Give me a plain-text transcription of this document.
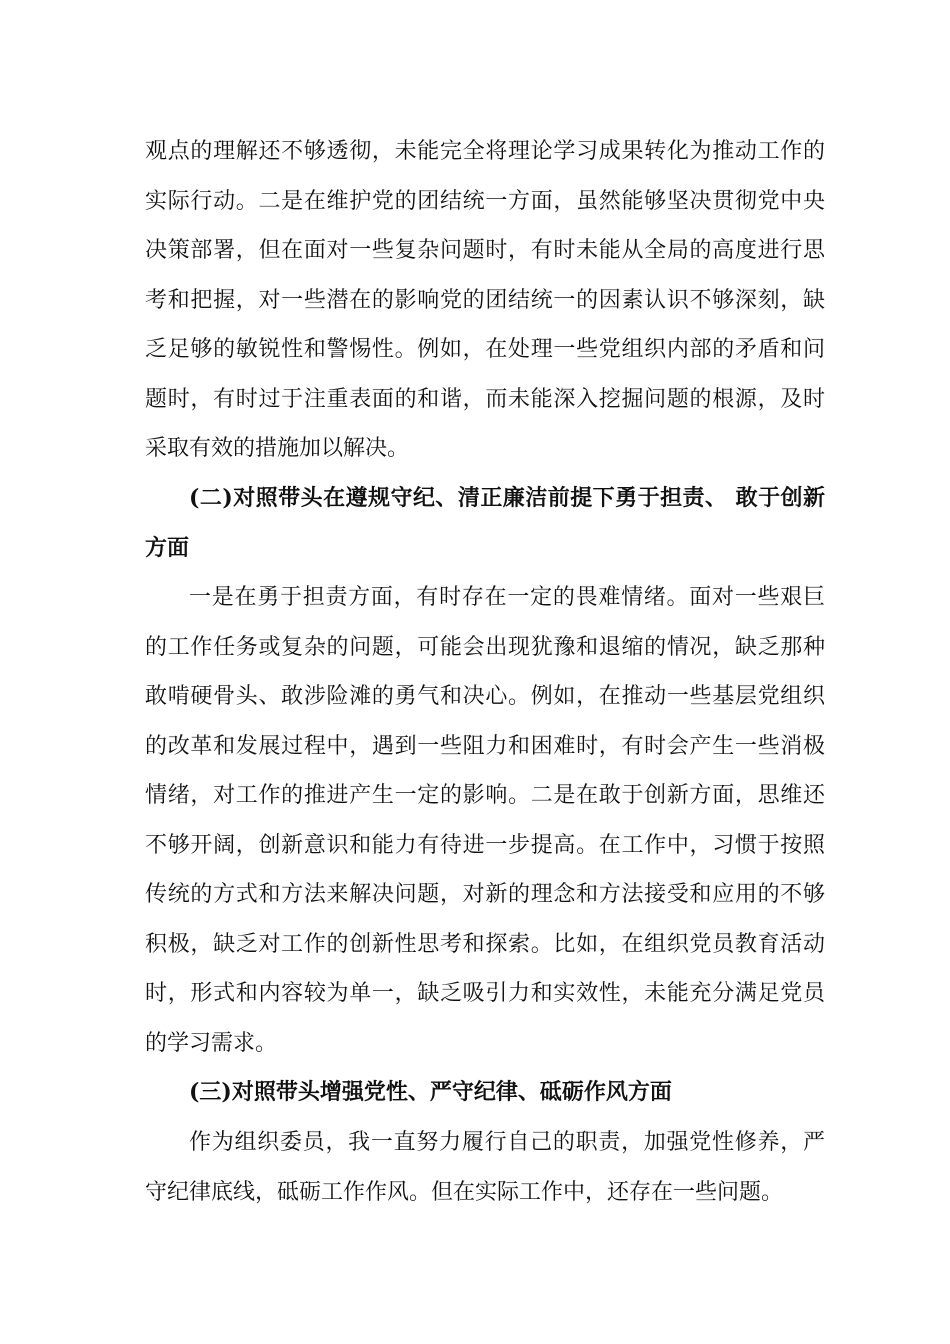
观点的理解还不够透彻，未能完全将理论学习成果转化为推动工作的实际行动。二是在维护党的团结统一方面，虽然能够坚决贯彻党中央决策部署，但在面对一些复杂问题时，有时未能从全局的高度进行思考和把握，对一些潜在的影响党的团结统一的因素认识不够深刻，缺乏足够的敏锐性和警惕性。例如，在处理一些党组织内部的矛盾和问题时，有时过于注重表面的和谐，而未能深入挖掘问题的根源，及时采取有效的措施加以解决。

(二)对照带头在遵规守纪、清正廉洁前提下勇于担责、 敢于创新方面

一是在勇于担责方面，有时存在一定的畏难情绪。面对一些艰巨的工作任务或复杂的问题，可能会出现犹豫和退缩的情况，缺乏那种敢啃硬骨头、敢涉险滩的勇气和决心。例如，在推动一些基层党组织的改革和发展过程中，遇到一些阻力和困难时，有时会产生一些消极情绪，对工作的推进产生一定的影响。二是在敢于创新方面，思维还不够开阔，创新意识和能力有待进一步提高。在工作中，习惯于按照传统的方式和方法来解决问题，对新的理念和方法接受和应用的不够积极，缺乏对工作的创新性思考和探索。比如，在组织党员教育活动时，形式和内容较为单一，缺乏吸引力和实效性，未能充分满足党员的学习需求。

(三)对照带头增强党性、严守纪律、砥砺作风方面

作为组织委员，我一直努力履行自己的职责，加强党性修养，严守纪律底线，砥砺工作作风。但在实际工作中，还存在一些问题。
